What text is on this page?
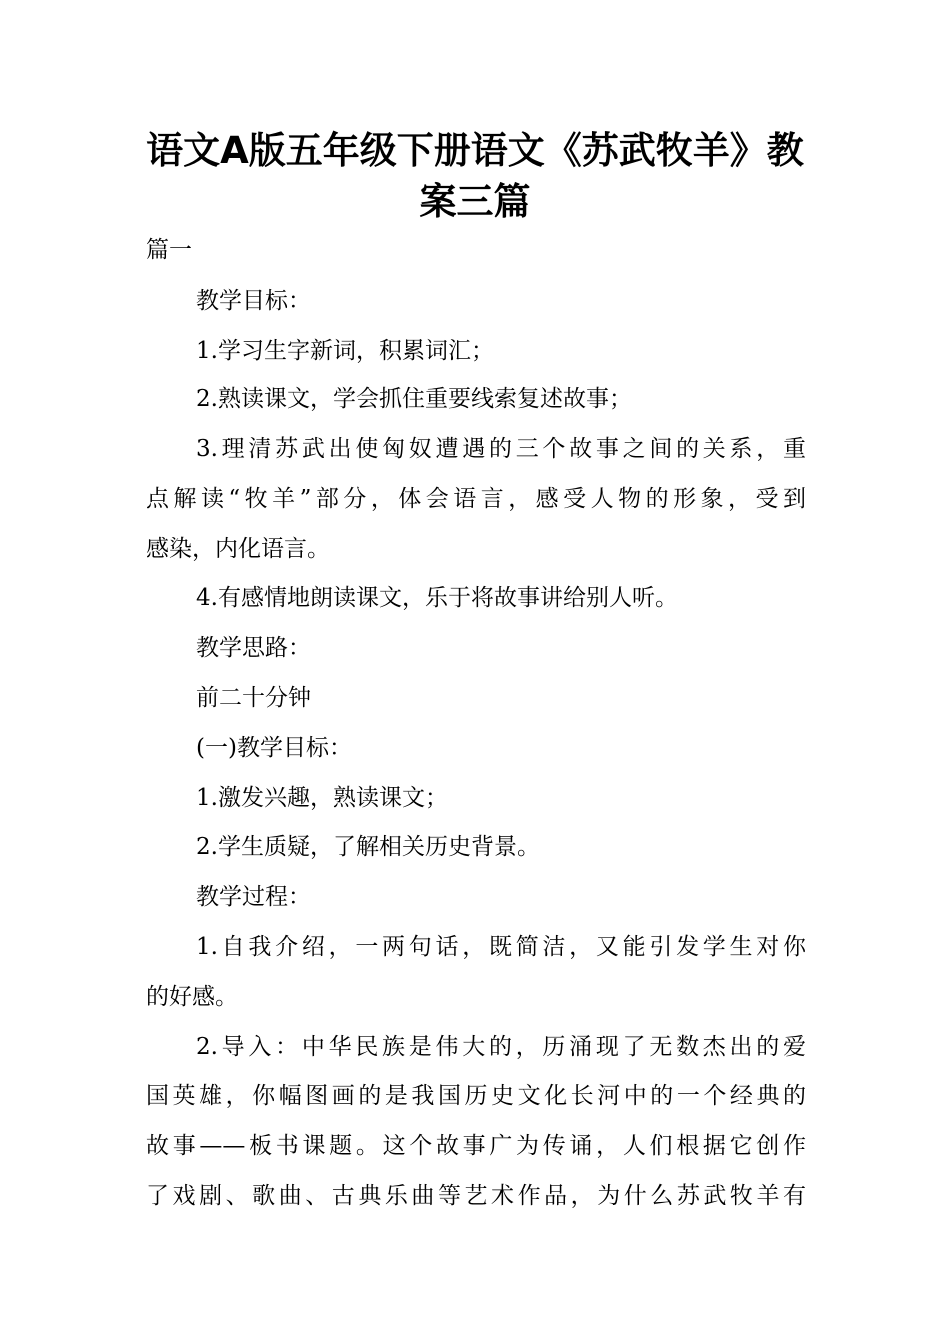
语文A版五年级下册语文《苏武牧羊》教
案三篇

篇一

教学目标：

1.学习生字新词，积累词汇；

2.熟读课文，学会抓住重要线索复述故事；

3.理清苏武出使匈奴遭遇的三个故事之间的关系，重

点解读“牧羊”部分，体会语言，感受人物的形象，受到

感染，内化语言。

4.有感情地朗读课文，乐于将故事讲给别人听。

教学思路：

前二十分钟

(一)教学目标：

1.激发兴趣，熟读课文；

2.学生质疑，了解相关历史背景。

教学过程：

1.自我介绍，一两句话，既简洁，又能引发学生对你

的好感。

2.导入：中华民族是伟大的，历涌现了无数杰出的爱

国英雄，你幅图画的是我国历史文化长河中的一个经典的

故事——板书课题。这个故事广为传诵，人们根据它创作

了戏剧、歌曲、古典乐曲等艺术作品，为什么苏武牧羊有
